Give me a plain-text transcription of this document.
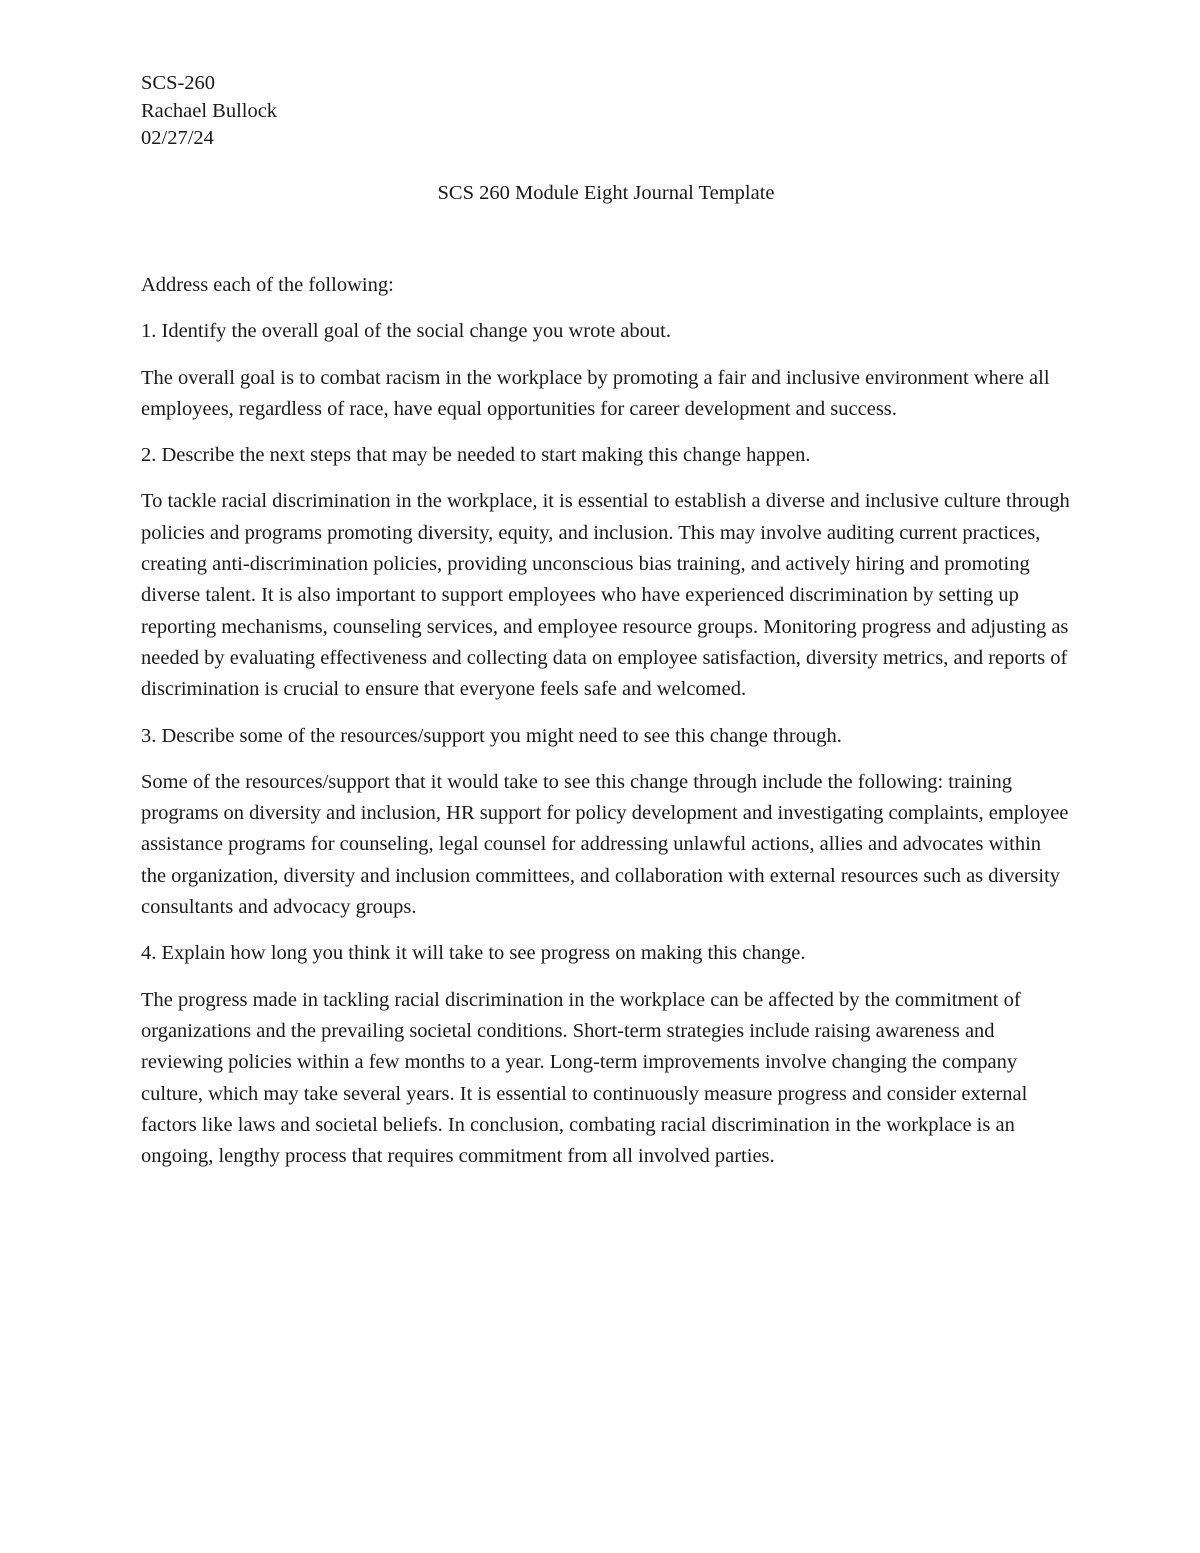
SCS-260
Rachael Bullock
02/27/24

SCS 260 Module Eight Journal Template

Address each of the following:

1. Identify the overall goal of the social change you wrote about.

The overall goal is to combat racism in the workplace by promoting a fair and inclusive environment where all employees, regardless of race, have equal opportunities for career development and success.

2. Describe the next steps that may be needed to start making this change happen.

To tackle racial discrimination in the workplace, it is essential to establish a diverse and inclusive culture through policies and programs promoting diversity, equity, and inclusion. This may involve auditing current practices, creating anti-discrimination policies, providing unconscious bias training, and actively hiring and promoting diverse talent. It is also important to support employees who have experienced discrimination by setting up reporting mechanisms, counseling services, and employee resource groups. Monitoring progress and adjusting as needed by evaluating effectiveness and collecting data on employee satisfaction, diversity metrics, and reports of discrimination is crucial to ensure that everyone feels safe and welcomed.

3. Describe some of the resources/support you might need to see this change through.

Some of the resources/support that it would take to see this change through include the following: training programs on diversity and inclusion, HR support for policy development and investigating complaints, employee assistance programs for counseling, legal counsel for addressing unlawful actions, allies and advocates within the organization, diversity and inclusion committees, and collaboration with external resources such as diversity consultants and advocacy groups.

4. Explain how long you think it will take to see progress on making this change.

The progress made in tackling racial discrimination in the workplace can be affected by the commitment of organizations and the prevailing societal conditions. Short-term strategies include raising awareness and reviewing policies within a few months to a year. Long-term improvements involve changing the company culture, which may take several years. It is essential to continuously measure progress and consider external factors like laws and societal beliefs. In conclusion, combating racial discrimination in the workplace is an ongoing, lengthy process that requires commitment from all involved parties.
